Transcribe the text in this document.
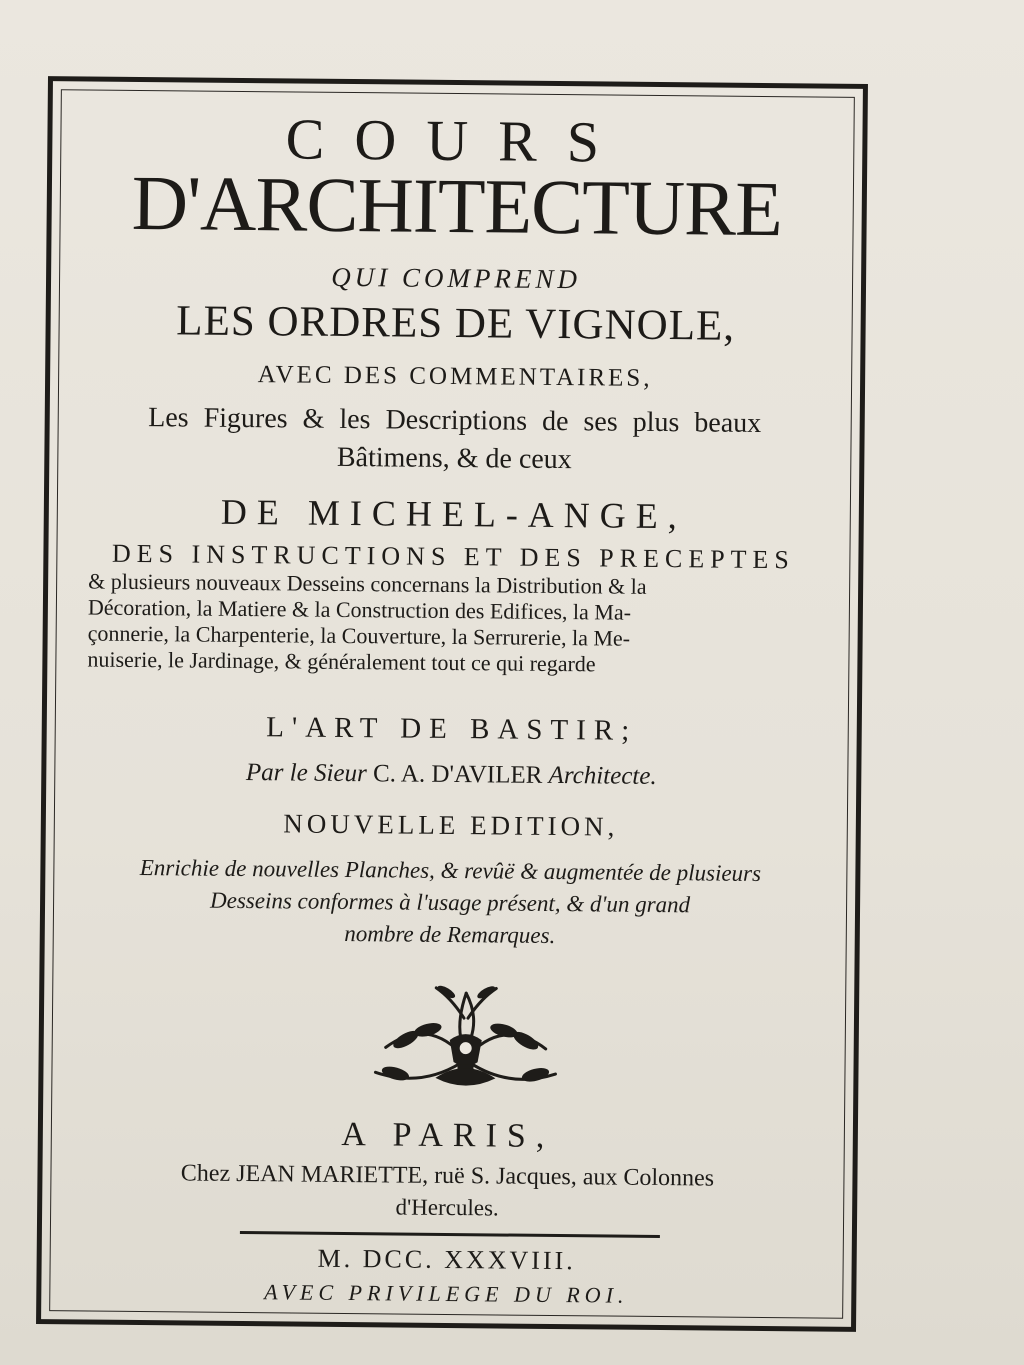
COURS
D'ARCHITECTURE
QUI COMPREND
LES ORDRES DE VIGNOLE,
AVEC DES COMMENTAIRES,
Les Figures & les Descriptions de ses plus beaux
Bâtimens, & de ceux
DE MICHEL-ANGE,
DES INSTRUCTIONS ET DES PRECEPTES
& plusieurs nouveaux Desseins concernans la Distribution & la
Décoration, la Matiere & la Construction des Edifices, la Ma-
çonnerie, la Charpenterie, la Couverture, la Serrurerie, la Me-
nuiserie, le Jardinage, & généralement tout ce qui regarde
L'ART DE BASTIR;
Par le Sieur C. A. D'AVILER Architecte.
NOUVELLE EDITION,
Enrichie de nouvelles Planches, & revûë & augmentée de plusieurs
Desseins conformes à l'usage présent, & d'un grand
nombre de Remarques.
A PARIS,
Chez JEAN MARIETTE, ruë S. Jacques, aux Colonnes
d'Hercules.
M. DCC. XXXVIII.
AVEC PRIVILEGE DU ROI.
